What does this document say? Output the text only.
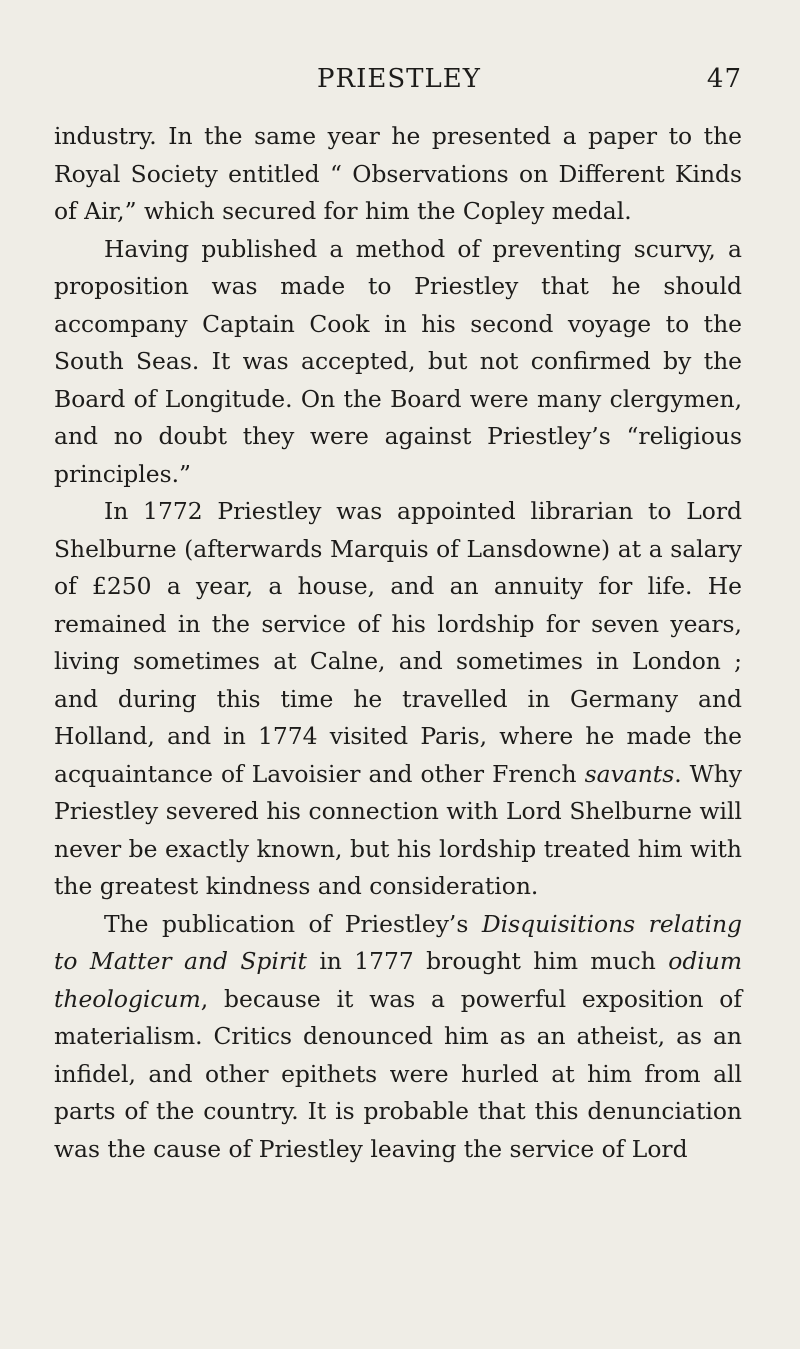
PRIESTLEY	47

industry. In the same year he presented a paper to the Royal Society entitled “ Observations on Different Kinds of Air,” which secured for him the Copley medal.

Having published a method of preventing scurvy, a proposition was made to Priestley that he should accompany Captain Cook in his second voyage to the South Seas. It was accepted, but not confirmed by the Board of Longitude. On the Board were many clergymen, and no doubt they were against Priestley’s “religious principles.”

In 1772 Priestley was appointed librarian to Lord Shelburne (afterwards Marquis of Lansdowne) at a salary of £250 a year, a house, and an annuity for life. He remained in the service of his lordship for seven years, living sometimes at Calne, and sometimes in London ; and during this time he travelled in Germany and Holland, and in 1774 visited Paris, where he made the acquaintance of Lavoisier and other French savants. Why Priestley severed his connection with Lord Shelburne will never be exactly known, but his lordship treated him with the greatest kindness and consideration.

The publication of Priestley’s Disquisitions relating to Matter and Spirit in 1777 brought him much odium theologicum, because it was a powerful exposition of materialism. Critics denounced him as an atheist, as an infidel, and other epithets were hurled at him from all parts of the country. It is probable that this denunciation was the cause of Priestley leaving the service of Lord
